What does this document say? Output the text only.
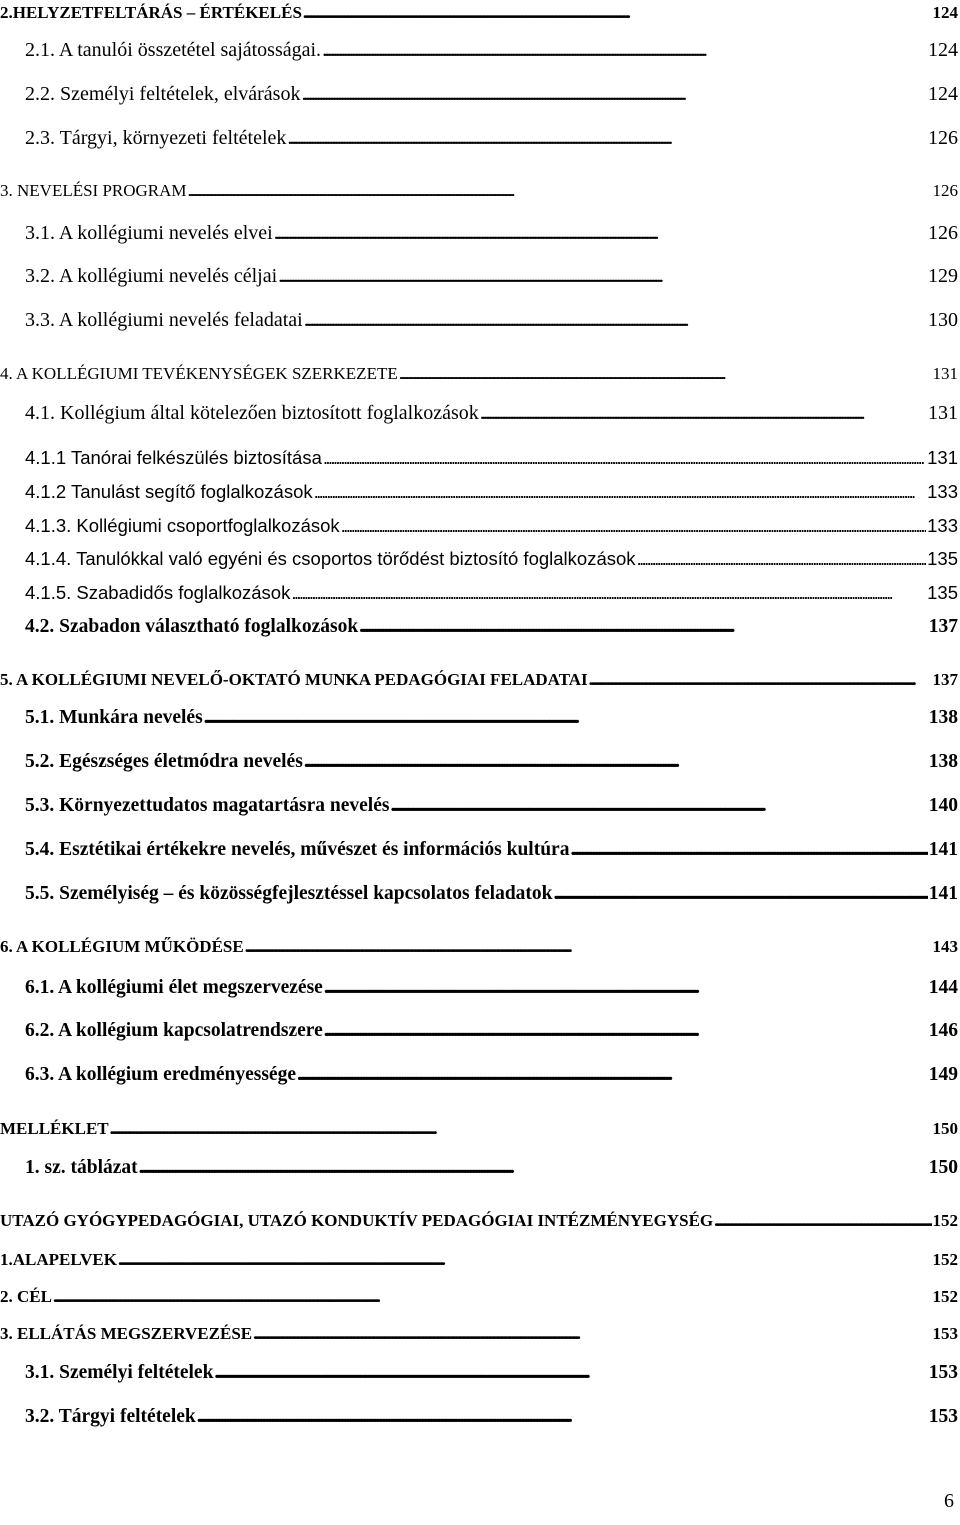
2.HELYZETFELTÁRÁS – ÉRTÉKELÉS . . .	124
2.1. A tanulói összetétel sajátosságai. . . .	124
2.2. Személyi feltételek, elvárások . . .	124
2.3. Tárgyi, környezeti feltételek . . .	126
3. NEVELÉSI PROGRAM . . .	126
3.1. A kollégiumi nevelés elvei . . .	126
3.2. A kollégiumi nevelés céljai . . .	129
3.3. A kollégiumi nevelés feladatai . . .	130
4. A KOLLÉGIUMI TEVÉKENYSÉGEK SZERKEZETE . . .	131
4.1. Kollégium által kötelezően biztosított foglalkozások . . .	131
4.1.1 Tanórai felkészülés biztosítása . . .	131
4.1.2 Tanulást segítő foglalkozások . . .	133
4.1.3. Kollégiumi csoportfoglalkozások . . .	133
4.1.4. Tanulókkal való egyéni és csoportos törődést biztosító foglalkozások . . .	135
4.1.5. Szabadidős foglalkozások . . .	135
4.2. Szabadon választható foglalkozások . . .	137
5. A KOLLÉGIUMI NEVELŐ-OKTATÓ MUNKA PEDAGÓGIAI FELADATAI . . .	137
5.1. Munkára nevelés . . .	138
5.2. Egészséges életmódra nevelés . . .	138
5.3. Környezettudatos magatartásra nevelés . . .	140
5.4. Esztétikai értékekre nevelés, művészet és információs kultúra . . .	141
5.5. Személyiség – és közösségfejlesztéssel kapcsolatos feladatok . . .	141
6. A KOLLÉGIUM MŰKÖDÉSE . . .	143
6.1. A kollégiumi élet megszervezése . . .	144
6.2. A kollégium kapcsolatrendszere . . .	146
6.3. A kollégium eredményessége . . .	149
MELLÉKLET . . .	150
1. sz. táblázat . . .	150
UTAZÓ GYÓGYPEDAGÓGIAI, UTAZÓ KONDUKTÍV PEDAGÓGIAI INTÉZMÉNYEGYSÉG . . .	152
1.ALAPELVEK . . .	152
2. CÉL . . .	152
3. ELLÁTÁS MEGSZERVEZÉSE . . .	153
3.1. Személyi feltételek . . .	153
3.2. Tárgyi feltételek . . .	153
6
